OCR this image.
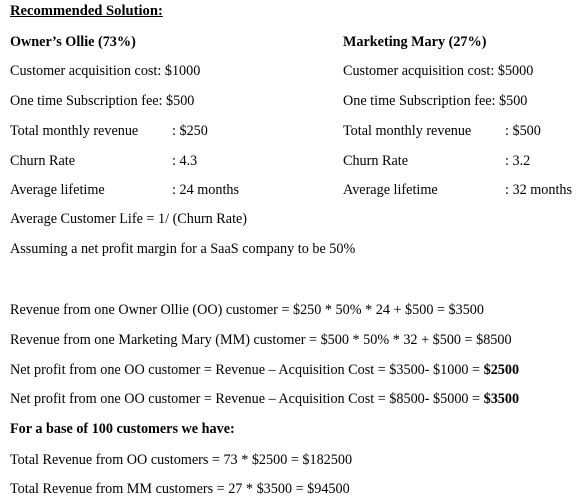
Recommended Solution:
Owner’s Ollie (73%)
Customer acquisition cost: $1000
One time Subscription fee: $500
Total monthly revenue : $250
Churn Rate	: 4.3
Average lifetime	: 24 months
Marketing Mary (27%)
Customer acquisition cost: $5000
One time Subscription fee: $500
Total monthly revenue : $500
Churn Rate	: 3.2
Average lifetime	: 32 months
Average Customer Life = 1/ (Churn Rate)
Assuming a net profit margin for a SaaS company to be 50%
Revenue from one Owner Ollie (OO) customer = $250 * 50% * 24 + $500 = $3500
Revenue from one Marketing Mary (MM) customer = $500 * 50% * 32 + $500 = $8500
Net profit from one OO customer = Revenue – Acquisition Cost = $3500- $1000 = $2500
Net profit from one OO customer = Revenue – Acquisition Cost = $8500- $5000 = $3500
For a base of 100 customers we have:
Total Revenue from OO customers = 73 * $2500 = $182500
Total Revenue from MM customers = 27 * $3500 = $94500
